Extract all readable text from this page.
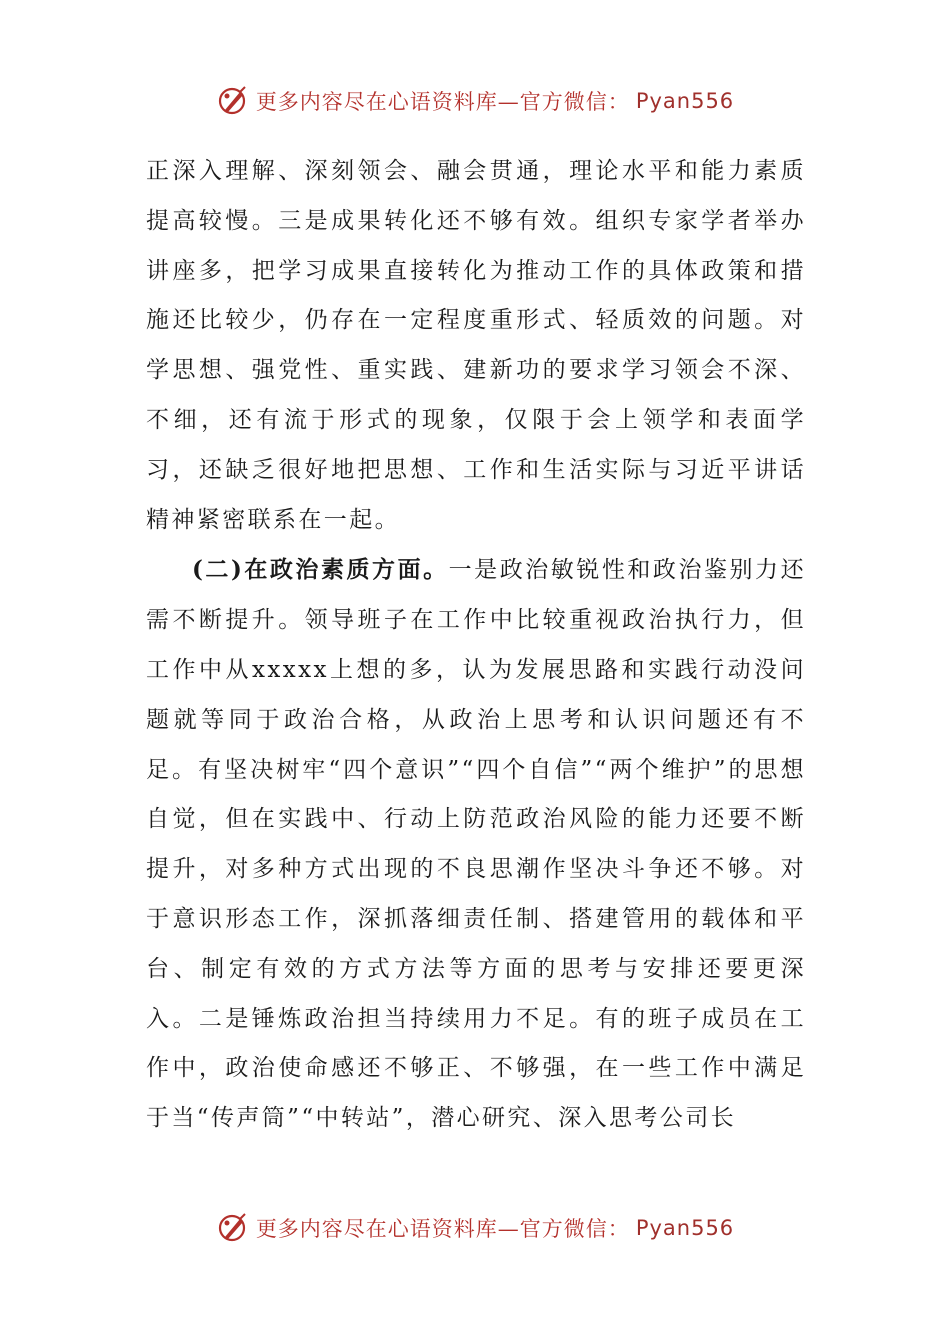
更多内容尽在心语资料库—官方微信： Pyan556

正深入理解、深刻领会、融会贯通，理论水平和能力素质提高较慢。三是成果转化还不够有效。组织专家学者举办讲座多，把学习成果直接转化为推动工作的具体政策和措施还比较少，仍存在一定程度重形式、轻质效的问题。对学思想、强党性、重实践、建新功的要求学习领会不深、不细，还有流于形式的现象，仅限于会上领学和表面学习，还缺乏很好地把思想、工作和生活实际与习近平讲话精神紧密联系在一起。

(二)在政治素质方面。一是政治敏锐性和政治鉴别力还需不断提升。领导班子在工作中比较重视政治执行力，但工作中从xxxxx上想的多，认为发展思路和实践行动没问题就等同于政治合格，从政治上思考和认识问题还有不足。有坚决树牢“四个意识”“四个自信”“两个维护”的思想自觉，但在实践中、行动上防范政治风险的能力还要不断提升，对多种方式出现的不良思潮作坚决斗争还不够。对于意识形态工作，深抓落细责任制、搭建管用的载体和平台、制定有效的方式方法等方面的思考与安排还要更深入。二是锤炼政治担当持续用力不足。有的班子成员在工作中，政治使命感还不够正、不够强，在一些工作中满足于当“传声筒”“中转站”，潜心研究、深入思考公司长

更多内容尽在心语资料库—官方微信： Pyan556
